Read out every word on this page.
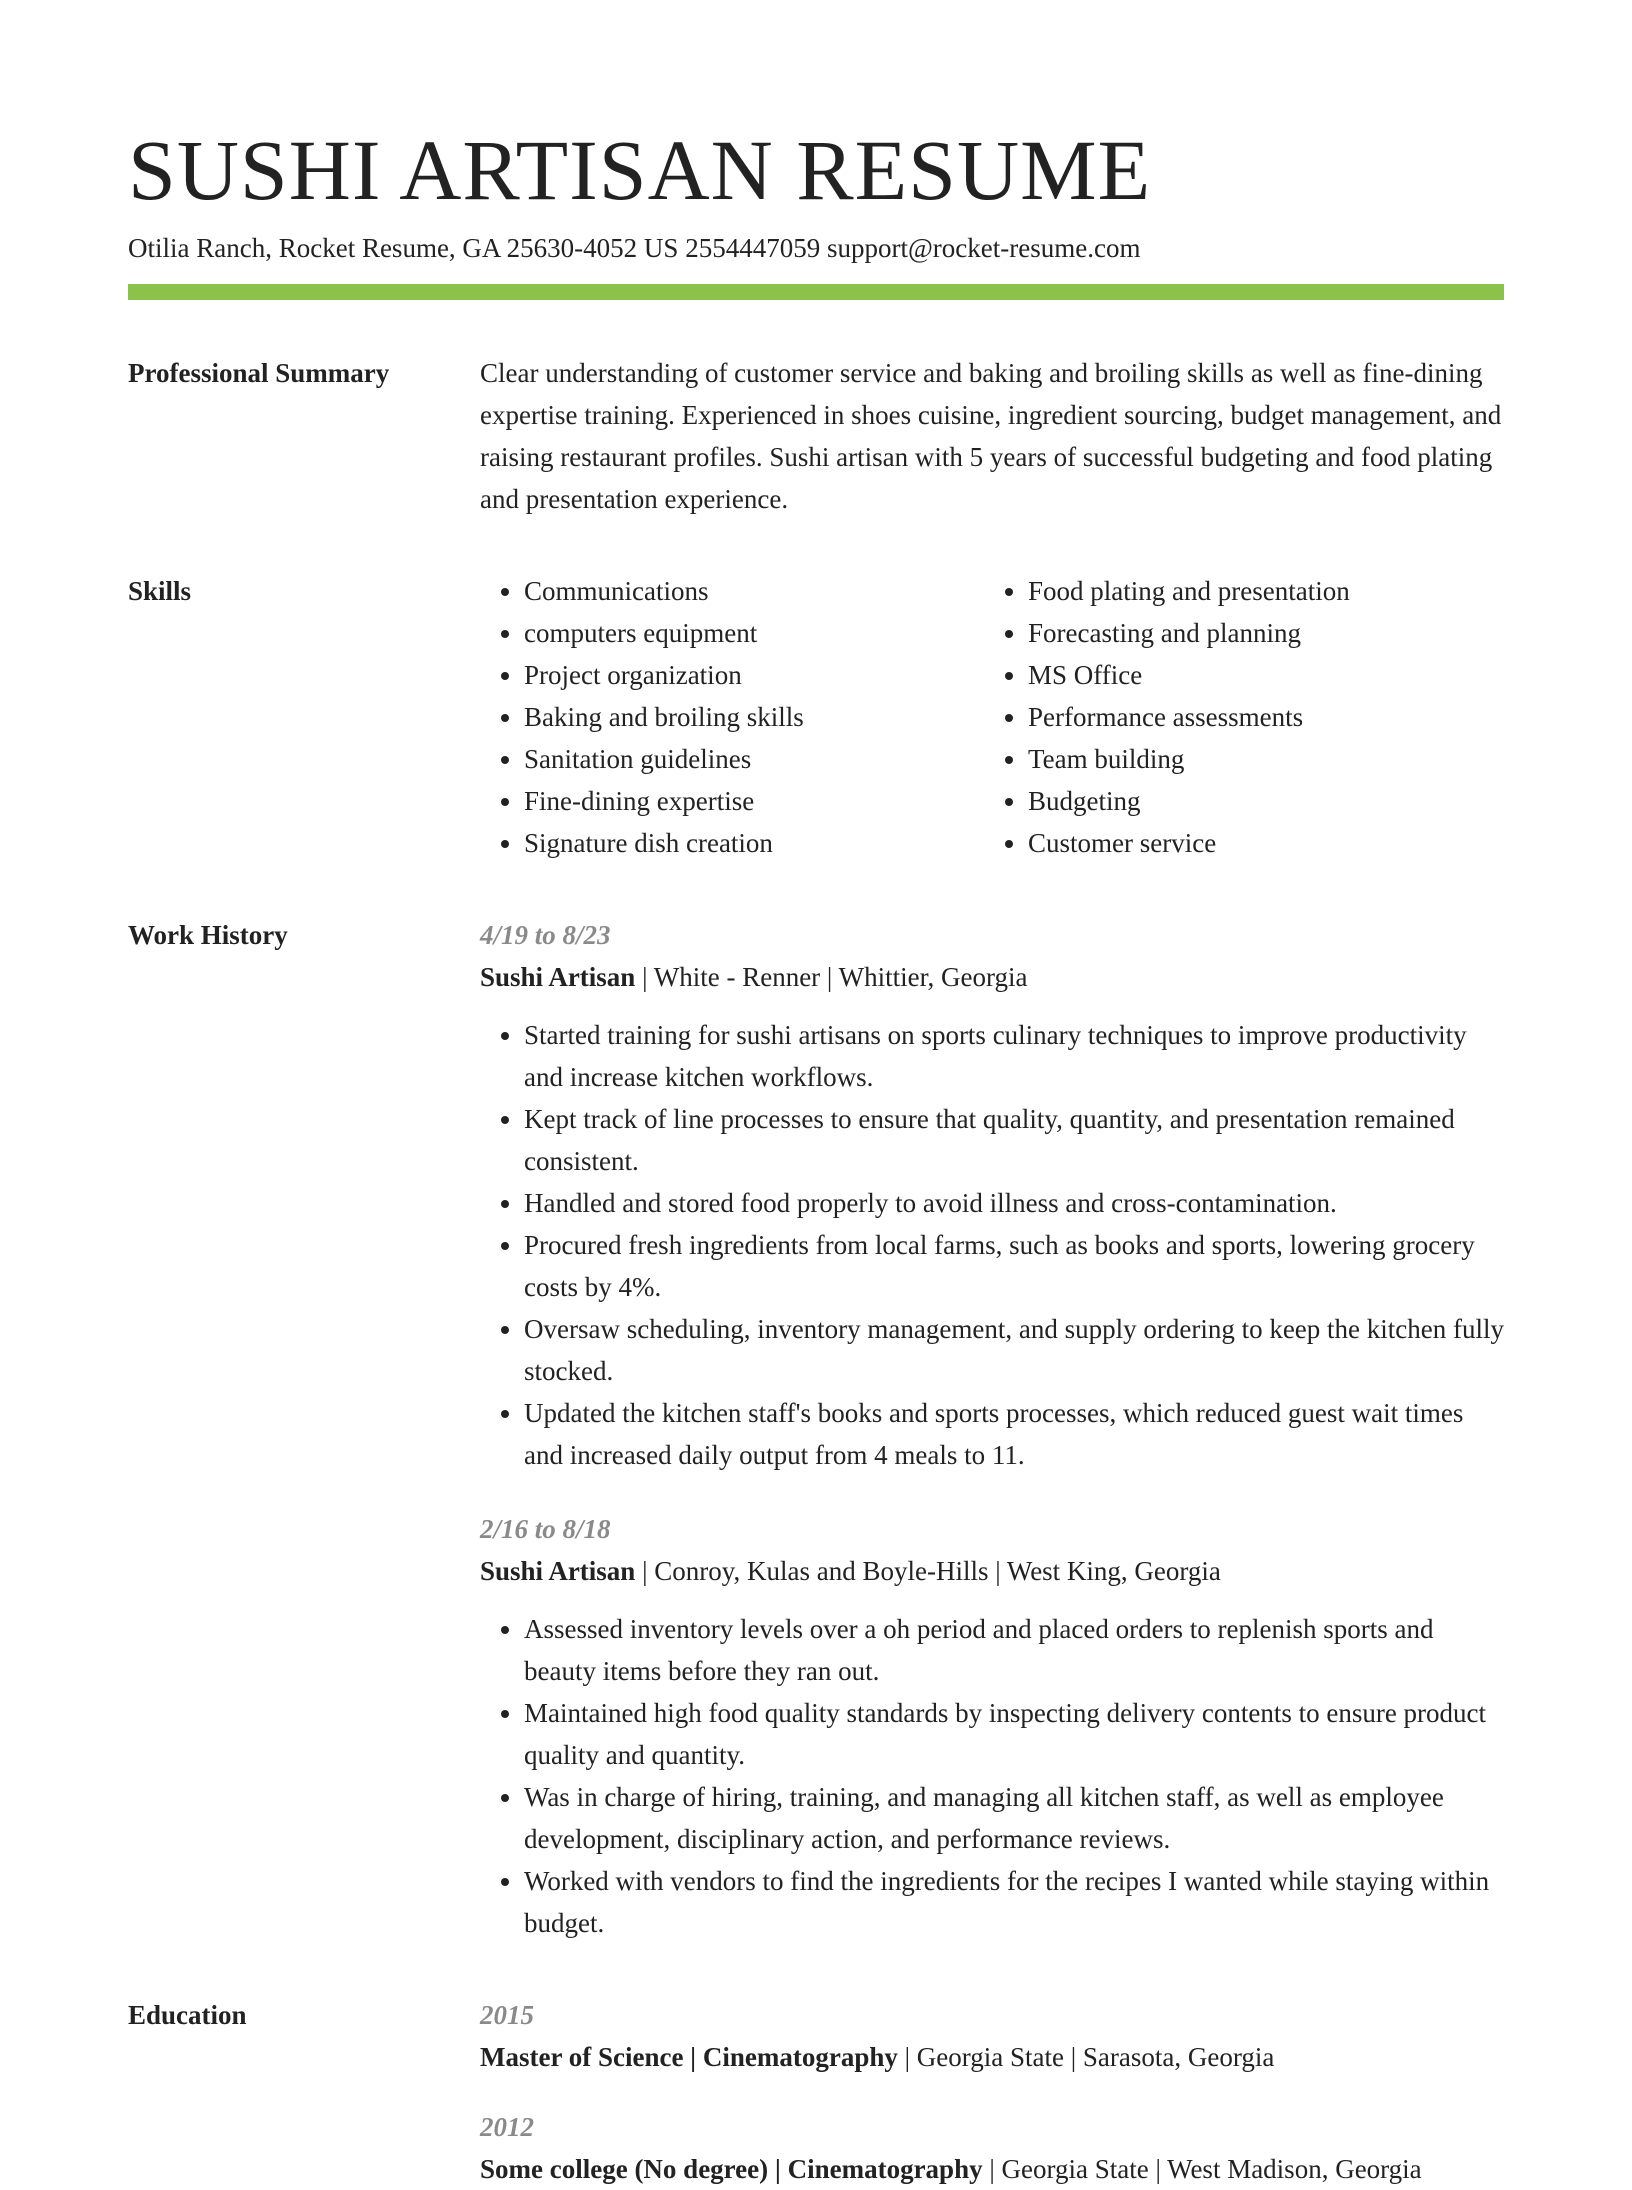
SUSHI ARTISAN RESUME
Otilia Ranch, Rocket Resume, GA 25630-4052 US 2554447059 support@rocket-resume.com
Professional Summary	Clear understanding of customer service and baking and broiling skills as well as fine-dining expertise training. Experienced in shoes cuisine, ingredient sourcing, budget management, and raising restaurant profiles. Sushi artisan with 5 years of successful budgeting and food plating and presentation experience.

Skills
•	Communications
• computers equipment
• Project organization
• Baking and broiling skills
• Sanitation guidelines
• Fine-dining expertise
• Signature dish creation
• Food plating and presentation
• Forecasting and planning
• MS Office
• Performance assessments
• Team building
• Budgeting
• Customer service
Work History	4/19 to 8/23
Sushi Artisan | White - Renner | Whittier, Georgia
• Started training for sushi artisans on sports culinary techniques to improve productivity and increase kitchen workflows.
• Kept track of line processes to ensure that quality, quantity, and presentation remained consistent.
• Handled and stored food properly to avoid illness and cross-contamination.
• Procured fresh ingredients from local farms, such as books and sports, lowering grocery costs by 4%.
• Oversaw scheduling, inventory management, and supply ordering to keep the kitchen fully stocked.
• Updated the kitchen staff's books and sports processes, which reduced guest wait times and increased daily output from 4 meals to 11.
2/16 to 8/18
Sushi Artisan | Conroy, Kulas and Boyle-Hills | West King, Georgia
• Assessed inventory levels over a oh period and placed orders to replenish sports and beauty items before they ran out.
• Maintained high food quality standards by inspecting delivery contents to ensure product quality and quantity.
• Was in charge of hiring, training, and managing all kitchen staff, as well as employee development, disciplinary action, and performance reviews.
• Worked with vendors to find the ingredients for the recipes I wanted while staying within budget.
Education	2015
Master of Science | Cinematography | Georgia State | Sarasota, Georgia
2012
Some college (No degree) | Cinematography | Georgia State | West Madison, Georgia
